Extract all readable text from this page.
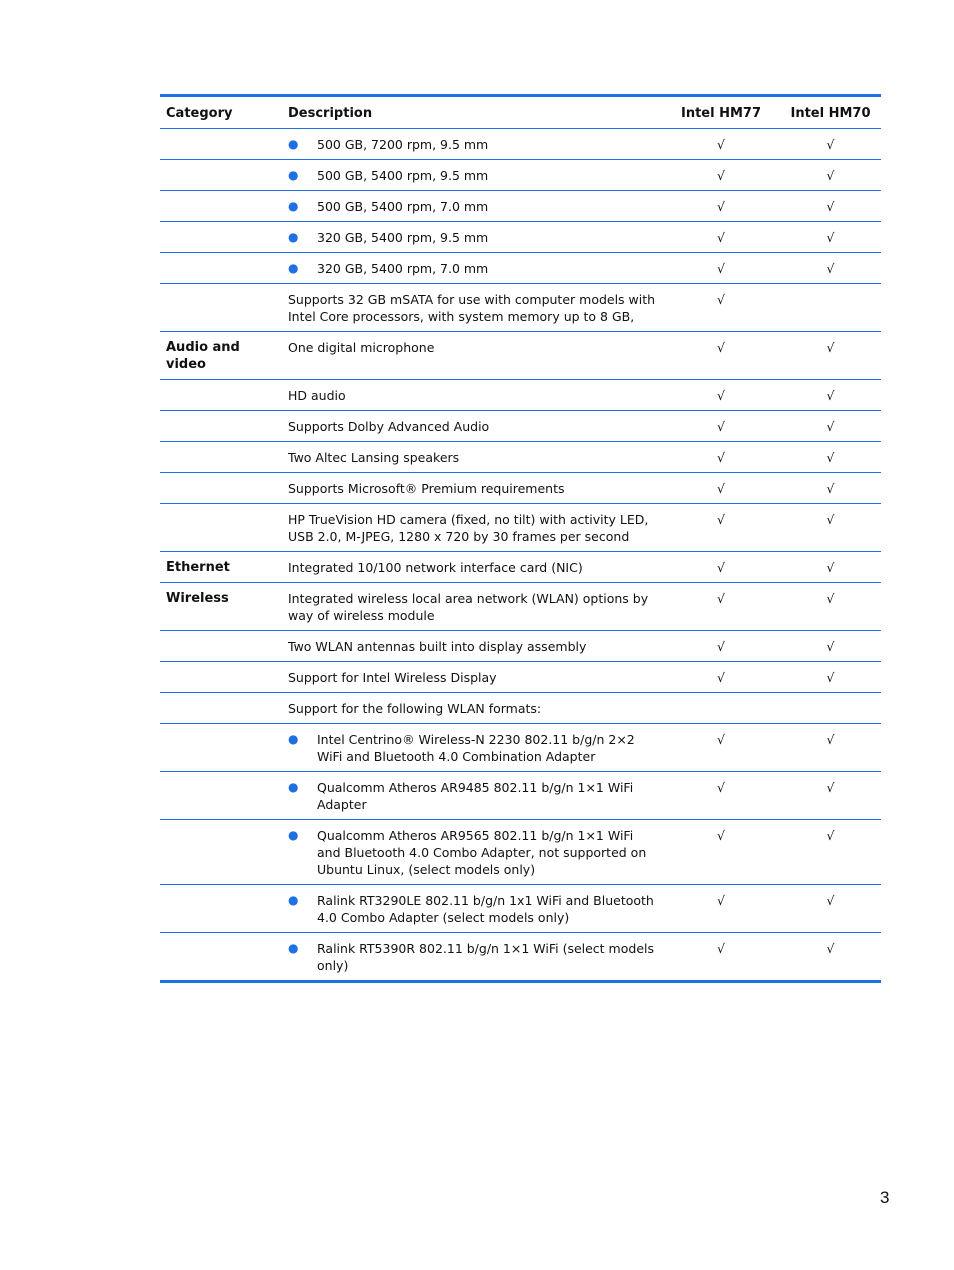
Category	Description	Intel HM77	Intel HM70

	● 500 GB, 7200 rpm, 9.5 mm	√	√

	● 500 GB, 5400 rpm, 9.5 mm	√	√

	● 500 GB, 5400 rpm, 7.0 mm	√	√

	● 320 GB, 5400 rpm, 9.5 mm	√	√

	● 320 GB, 5400 rpm, 7.0 mm	√	√
	Supports 32 GB mSATA for use with computer models with Intel Core processors, with system memory up to 8 GB,	√	
Audio and video	One digital microphone	√	√
	HD audio	√	√
	Supports Dolby Advanced Audio	√	√
	Two Altec Lansing speakers	√	√
	Supports Microsoft® Premium requirements	√	√
	HP TrueVision HD camera (fixed, no tilt) with activity LED, USB 2.0, M-JPEG, 1280 x 720 by 30 frames per second	√	√
Ethernet	Integrated 10/100 network interface card (NIC)	√	√
Wireless	Integrated wireless local area network (WLAN) options by way of wireless module	√	√
	Two WLAN antennas built into display assembly	√	√
	Support for Intel Wireless Display	√	√
	Support for the following WLAN formats:		

	● Intel Centrino® Wireless-N 2230 802.11 b/g/n 2×2 WiFi and Bluetooth 4.0 Combination Adapter	√	√

	● Qualcomm Atheros AR9485 802.11 b/g/n 1×1 WiFi Adapter	√	√

	● Qualcomm Atheros AR9565 802.11 b/g/n 1×1 WiFi and Bluetooth 4.0 Combo Adapter, not supported on Ubuntu Linux, (select models only)	√	√

	● Ralink RT3290LE 802.11 b/g/n 1x1 WiFi and Bluetooth 4.0 Combo Adapter (select models only)	√	√

	● Ralink RT5390R 802.11 b/g/n 1×1 WiFi (select models only)	√	√
3
